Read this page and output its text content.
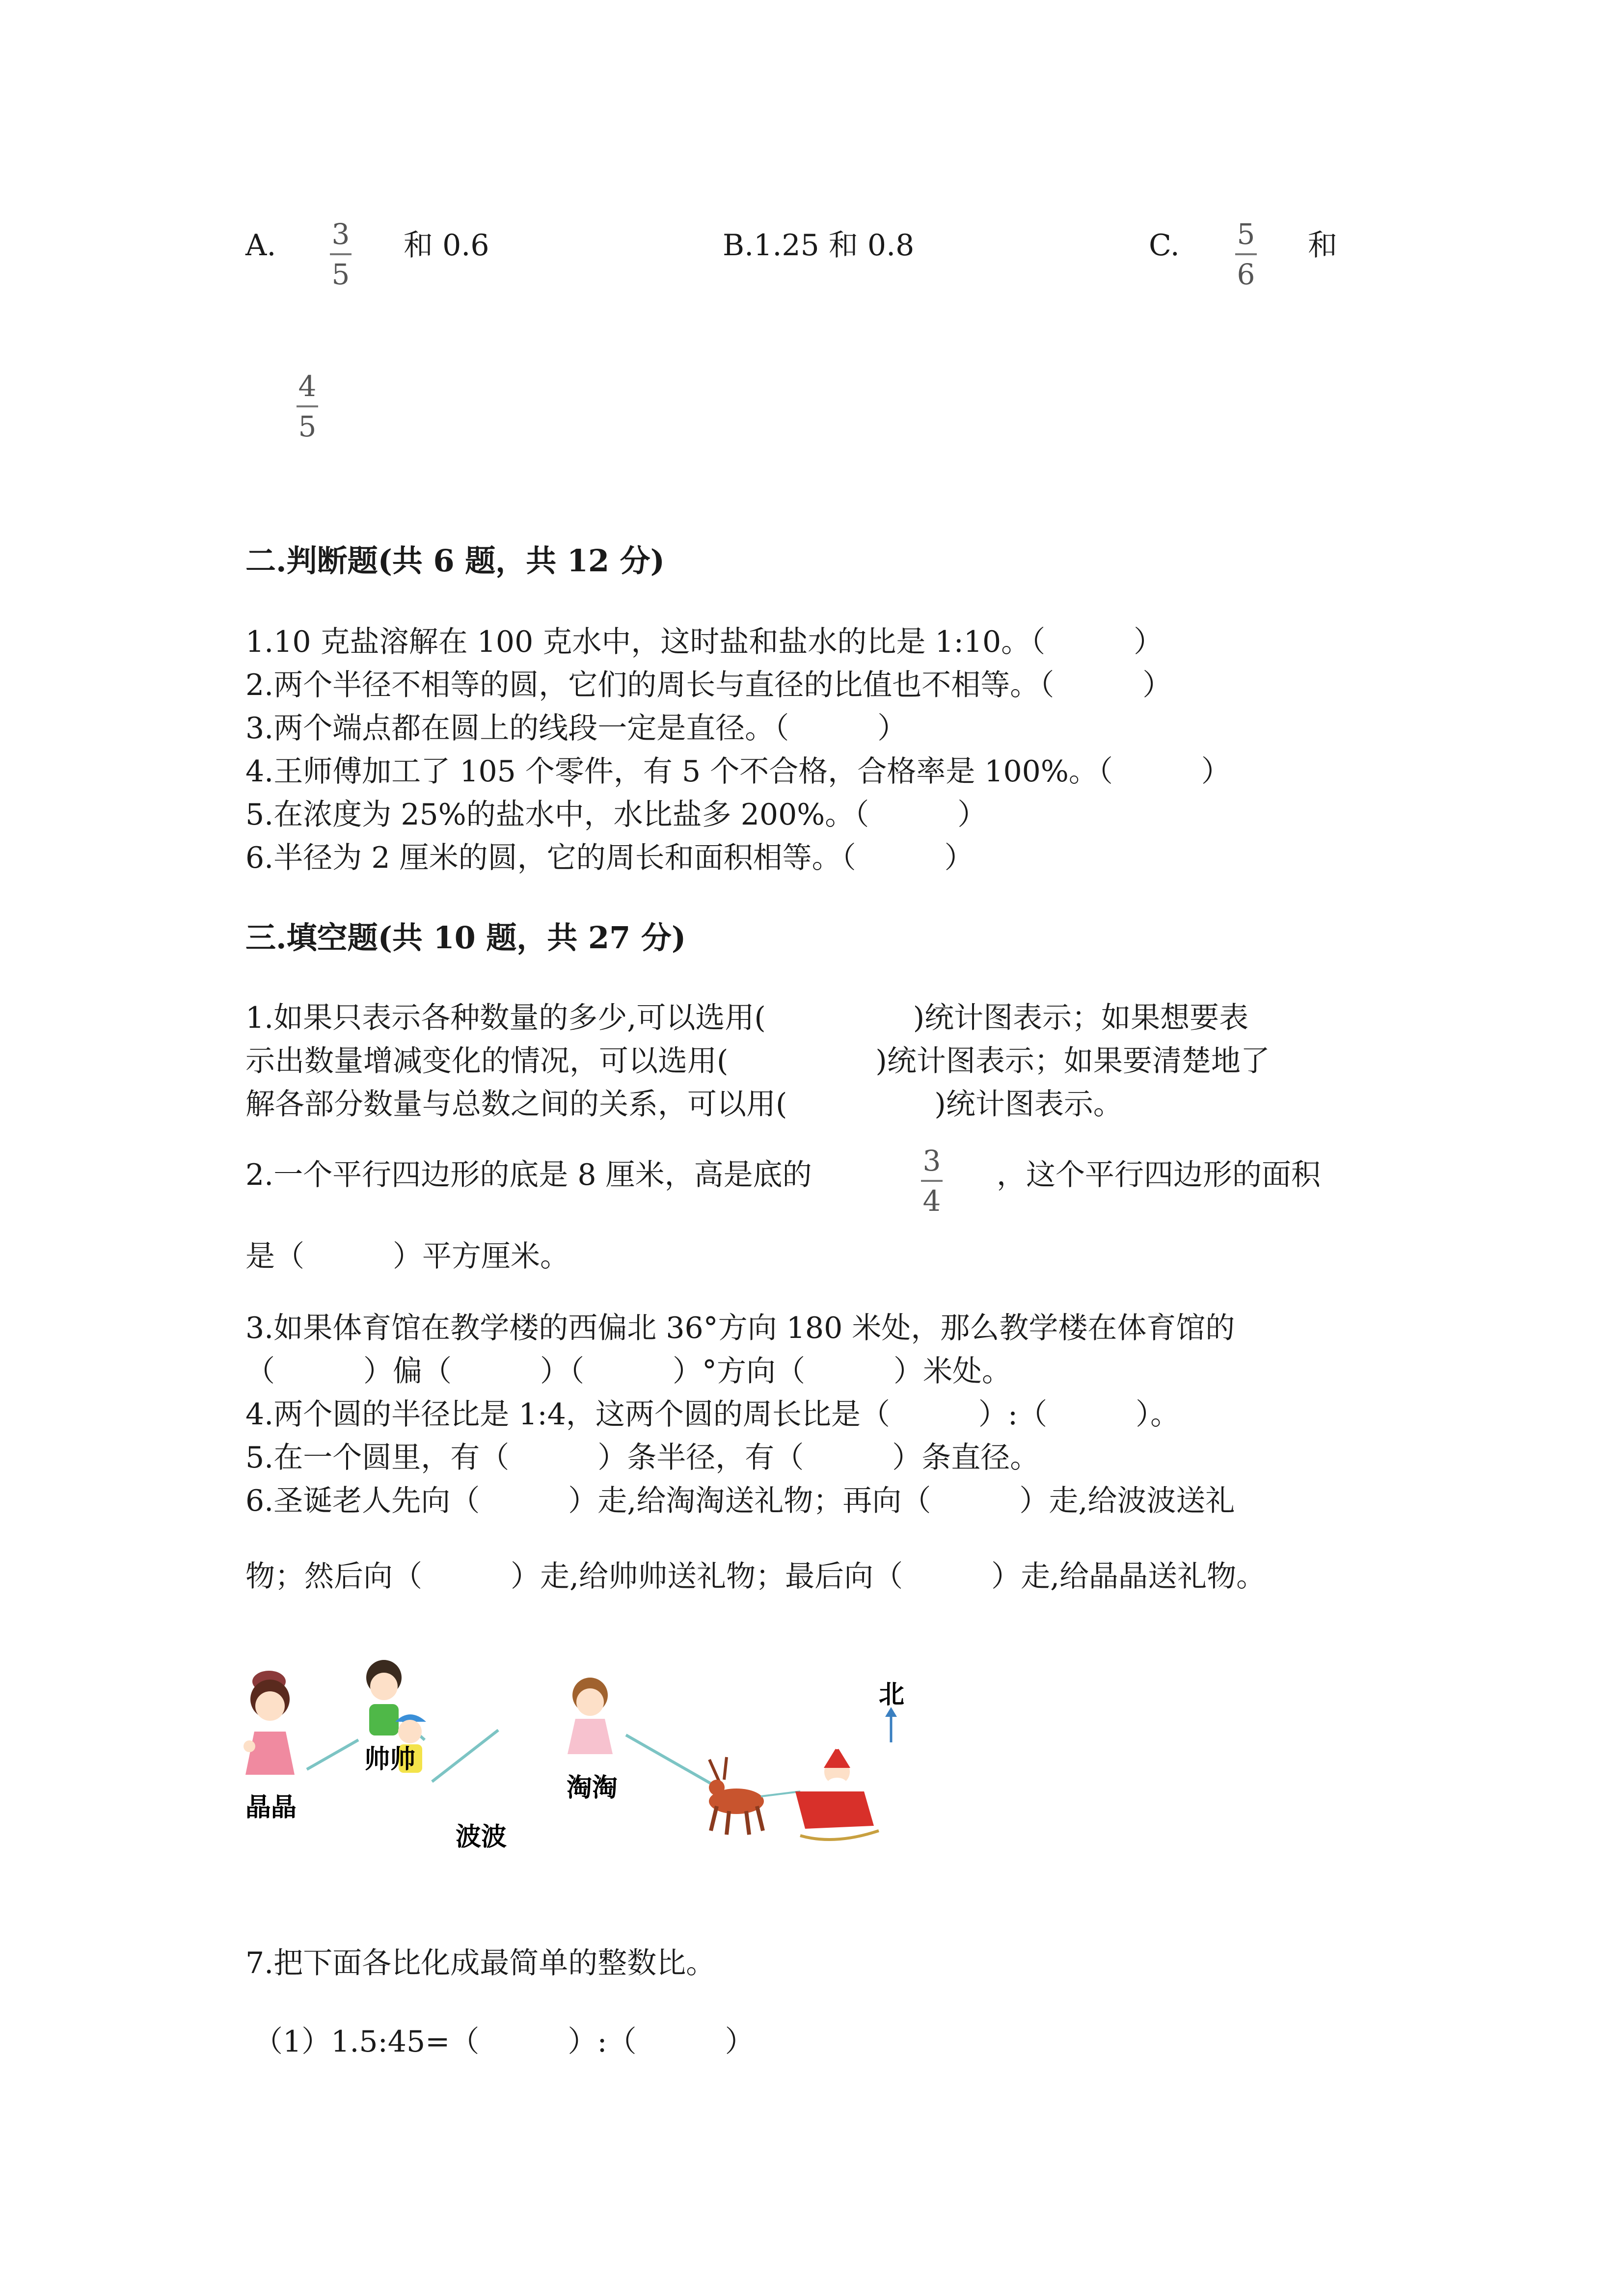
A. 3
5
和 0.6	B.1.25 和 0.8	C. 5
6
和
4
5
二.判断题(共 6 题，共 12 分)
1.10 克盐溶解在 100 克水中，这时盐和盐水的比是 1:10。（　　　）
2.两个半径不相等的圆，它们的周长与直径的比值也不相等。（　　　）
3.两个端点都在圆上的线段一定是直径。（　　　）
4.王师傅加工了 105 个零件，有 5 个不合格，合格率是 100%。（　　　）
5.在浓度为 25%的盐水中，水比盐多 200%。（　　　）
6.半径为 2 厘米的圆，它的周长和面积相等。（　　　）
三.填空题(共 10 题，共 27 分)
1.如果只表示各种数量的多少,可以选用(　　　　　)统计图表示；如果想要表
示出数量增减变化的情况，可以选用(　　　　　)统计图表示；如果要清楚地了
解各部分数量与总数之间的关系，可以用(　　　　　)统计图表示。
2.一个平行四边形的底是 8 厘米，高是底的	3
4
，这个平行四边形的面积
是（　　　）平方厘米。
3.如果体育馆在教学楼的西偏北 36°方向 180 米处，那么教学楼在体育馆的
（　　　）偏（　　　）（　　　）°方向（　　　）米处。
4.两个圆的半径比是 1:4，这两个圆的周长比是（　　　）:（　　　）。
5.在一个圆里，有（　　　）条半径，有（　　　）条直径。
6.圣诞老人先向（　　　）走,给淘淘送礼物；再向（　　　）走,给波波送礼
物；然后向（　　　）走,给帅帅送礼物；最后向（　　　）走,给晶晶送礼物。
晶晶
帅帅
波波
淘淘
北
7.把下面各比化成最简单的整数比。
（1）1.5:45=（　　　）:（　　　）
